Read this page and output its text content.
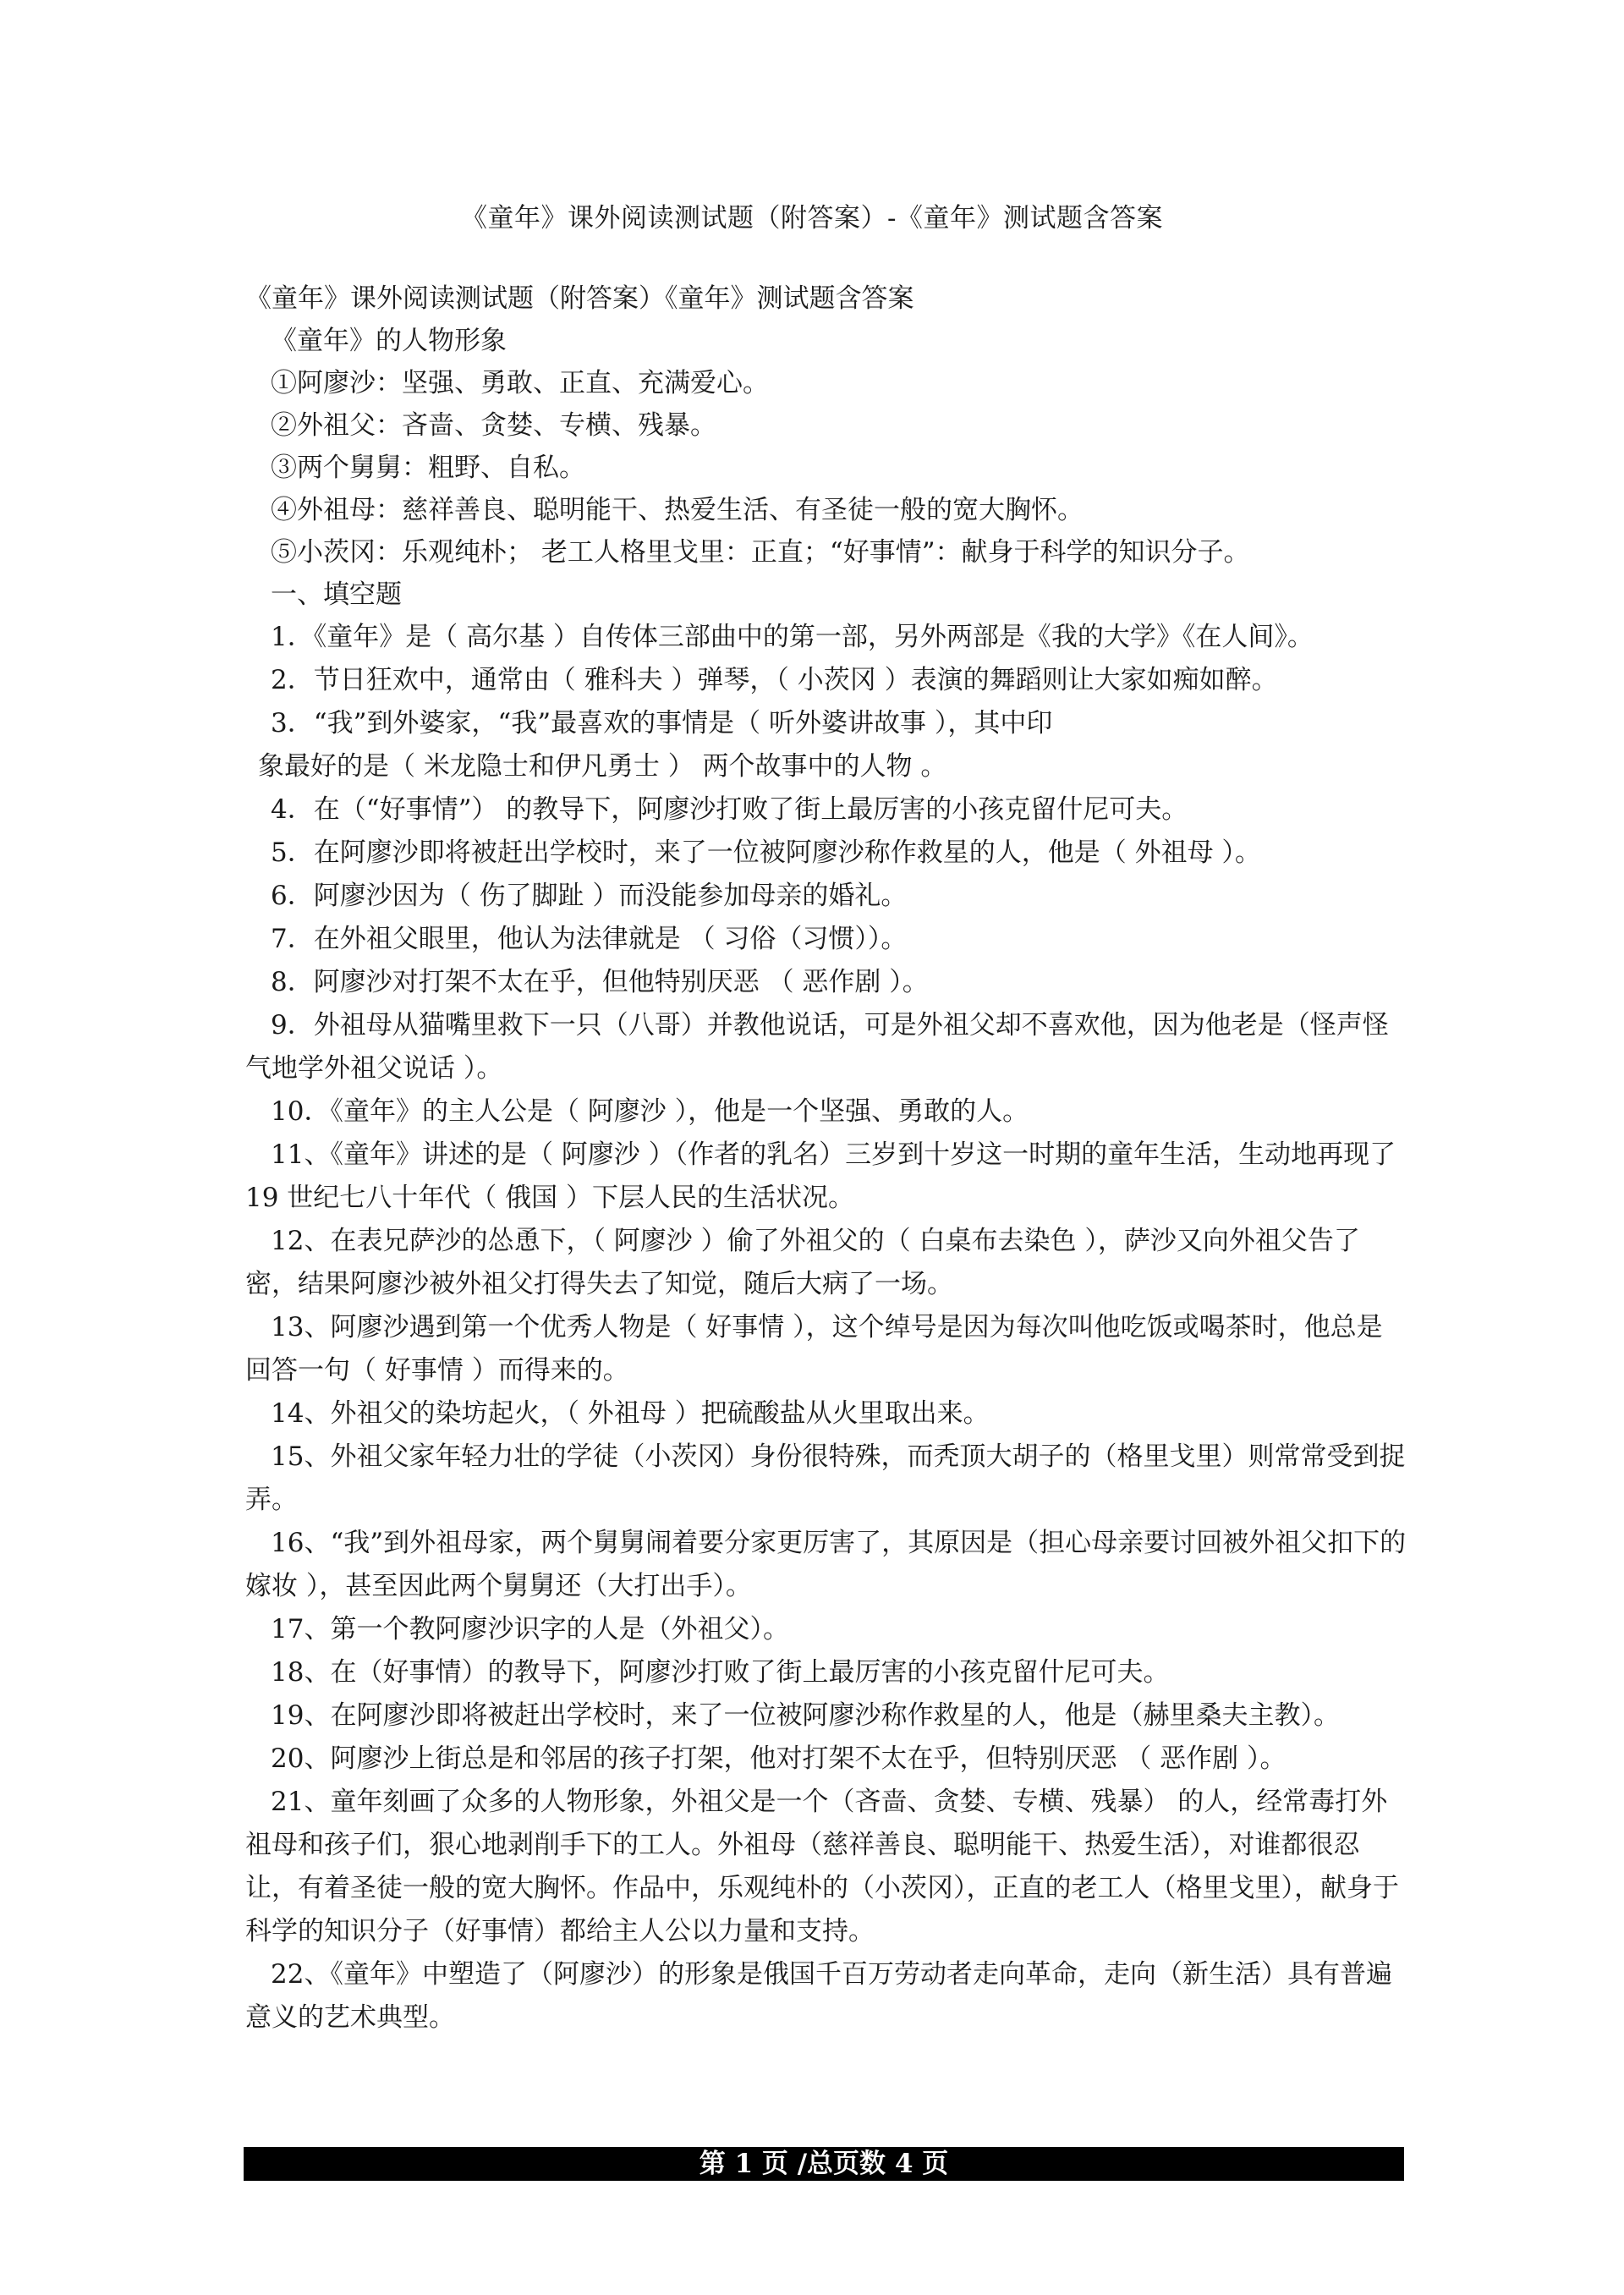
《童年》课外阅读测试题（附答案）-《童年》测试题含答案
《童年》课外阅读测试题（附答案）《童年》测试题含答案
《童年》的人物形象
①阿廖沙：坚强、勇敢、正直、充满爱心。
②外祖父：吝啬、贪婪、专横、残暴。
③两个舅舅：粗野、自私。
④外祖母：慈祥善良、聪明能干、热爱生活、有圣徒一般的宽大胸怀。
⑤小茨冈：乐观纯朴； 老工人格里戈里：正直；“好事情”：献身于科学的知识分子。
一、填空题
1．《童年》是（ 高尔基 ）自传体三部曲中的第一部，另外两部是《我的大学》《在人间》。
2．节日狂欢中，通常由（ 雅科夫 ）弹琴，（ 小茨冈 ）表演的舞蹈则让大家如痴如醉。
3．“我”到外婆家，“我”最喜欢的事情是（ 听外婆讲故事 ），其中印
象最好的是（ 米龙隐士和伊凡勇士 ） 两个故事中的人物 。
4．在（“好事情”） 的教导下，阿廖沙打败了街上最厉害的小孩克留什尼可夫。
5．在阿廖沙即将被赶出学校时，来了一位被阿廖沙称作救星的人，他是（ 外祖母 ）。
6．阿廖沙因为（ 伤了脚趾 ）而没能参加母亲的婚礼。
7．在外祖父眼里，他认为法律就是 （ 习俗（习惯））。
8．阿廖沙对打架不太在乎，但他特别厌恶 （ 恶作剧 ）。
9．外祖母从猫嘴里救下一只（八哥）并教他说话，可是外祖父却不喜欢他，因为他老是（怪声怪气地学外祖父说话 ）。
10．《童年》的主人公是（ 阿廖沙 ），他是一个坚强、勇敢的人。
11、《童年》讲述的是（ 阿廖沙 ）（作者的乳名）三岁到十岁这一时期的童年生活，生动地再现了 19 世纪七八十年代（ 俄国 ）下层人民的生活状况。
12、在表兄萨沙的怂恿下，（ 阿廖沙 ）偷了外祖父的（ 白桌布去染色 ），萨沙又向外祖父告了密，结果阿廖沙被外祖父打得失去了知觉，随后大病了一场。
13、阿廖沙遇到第一个优秀人物是（ 好事情 ），这个绰号是因为每次叫他吃饭或喝茶时，他总是回答一句（ 好事情 ）而得来的。
14、外祖父的染坊起火，（ 外祖母 ）把硫酸盐从火里取出来。
15、外祖父家年轻力壮的学徒（小茨冈）身份很特殊，而秃顶大胡子的（格里戈里）则常常受到捉弄。
16、“我”到外祖母家，两个舅舅闹着要分家更厉害了，其原因是（担心母亲要讨回被外祖父扣下的嫁妆 ），甚至因此两个舅舅还（大打出手）。
17、第一个教阿廖沙识字的人是（外祖父）。
18、在（好事情）的教导下，阿廖沙打败了街上最厉害的小孩克留什尼可夫。
19、在阿廖沙即将被赶出学校时，来了一位被阿廖沙称作救星的人，他是（赫里桑夫主教）。
20、阿廖沙上街总是和邻居的孩子打架，他对打架不太在乎，但特别厌恶 （ 恶作剧 ）。
21、童年刻画了众多的人物形象，外祖父是一个（吝啬、贪婪、专横、残暴） 的人，经常毒打外祖母和孩子们，狠心地剥削手下的工人。外祖母（慈祥善良、聪明能干、热爱生活），对谁都很忍让，有着圣徒一般的宽大胸怀。作品中，乐观纯朴的（小茨冈），正直的老工人（格里戈里），献身于科学的知识分子（好事情）都给主人公以力量和支持。
22、《童年》中塑造了（阿廖沙）的形象是俄国千百万劳动者走向革命，走向（新生活）具有普遍意义的艺术典型。
第 1 页 /总页数 4 页
